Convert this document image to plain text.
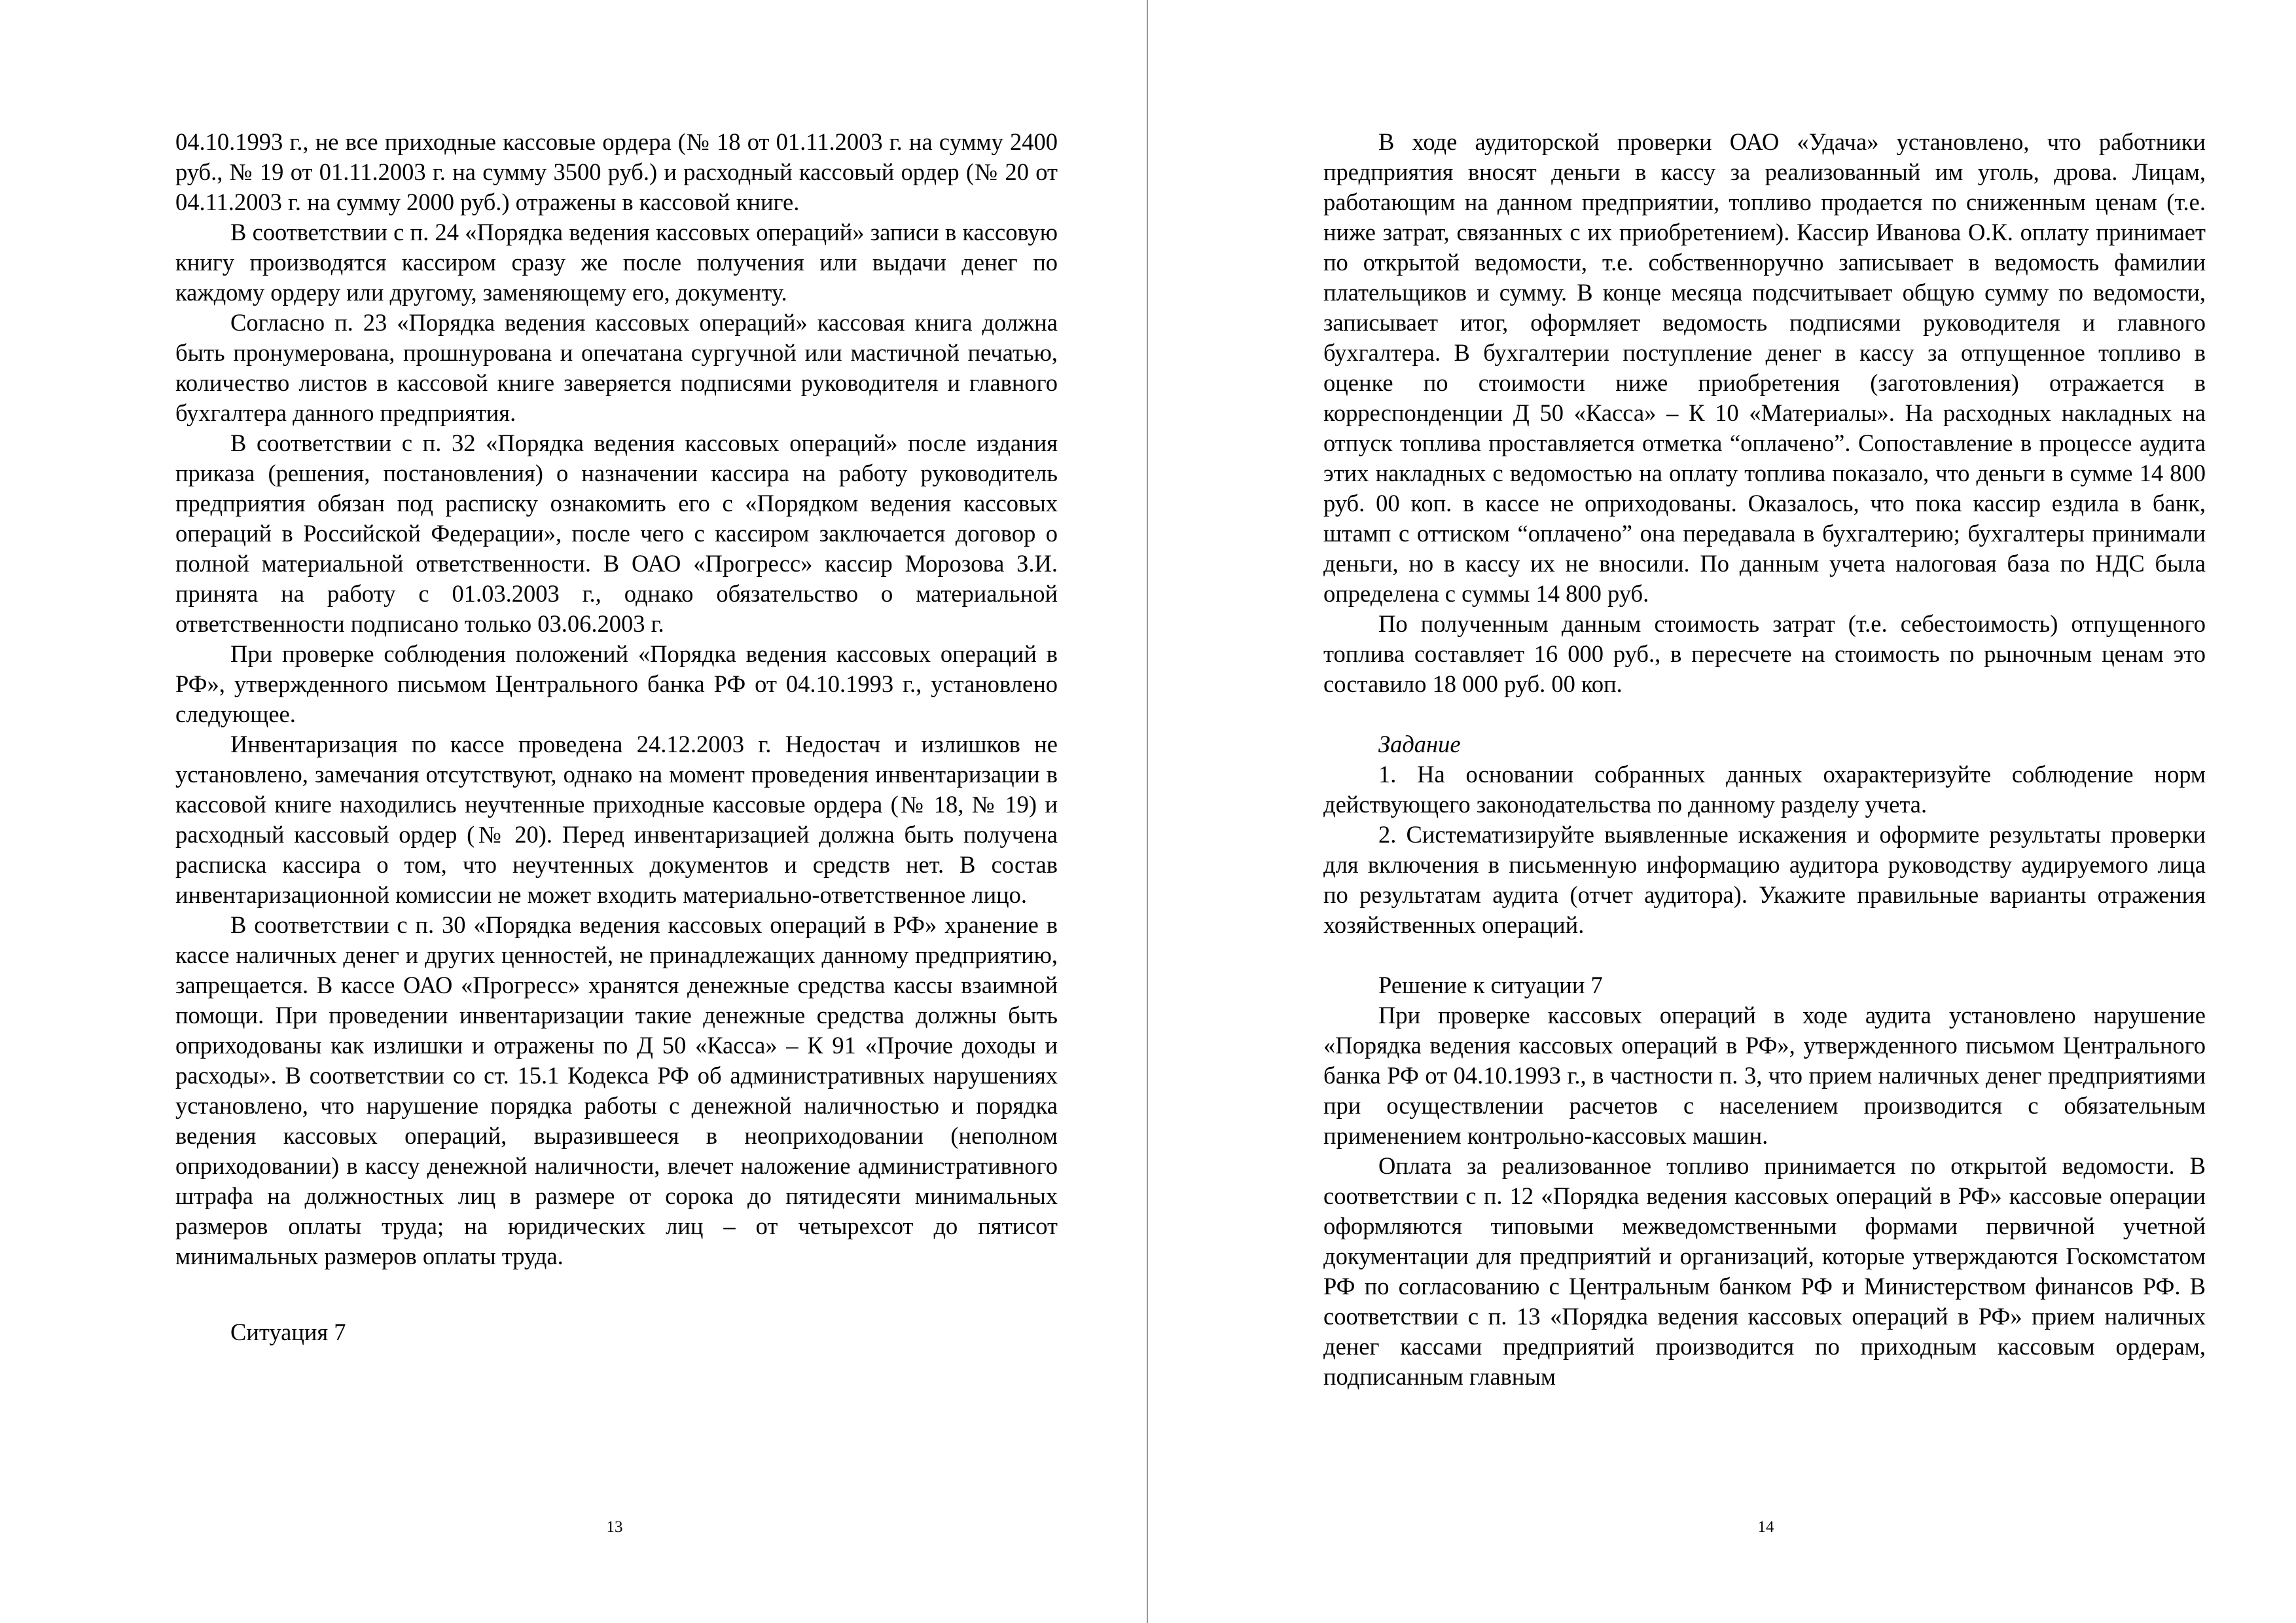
04.10.1993 г., не все приходные кассовые ордера (№ 18 от 01.11.2003 г. на сумму 2400 руб., № 19 от 01.11.2003 г. на сумму 3500 руб.) и расходный кассовый ордер (№ 20 от 04.11.2003 г. на сумму 2000 руб.) отражены в кассовой книге.

В соответствии с п. 24 «Порядка ведения кассовых операций» записи в кассовую книгу производятся кассиром сразу же после получения или выдачи денег по каждому ордеру или другому, заменяющему его, документу.

Согласно п. 23 «Порядка ведения кассовых операций» кассовая книга должна быть пронумерована, прошнурована и опечатана сургучной или мастичной печатью, количество листов в кассовой книге заверяется подписями руководителя и главного бухгалтера данного предприятия.

В соответствии с п. 32 «Порядка ведения кассовых операций» после издания приказа (решения, постановления) о назначении кассира на работу руководитель предприятия обязан под расписку ознакомить его с «Порядком ведения кассовых операций в Российской Федерации», после чего с кассиром заключается договор о полной материальной ответственности. В ОАО «Прогресс» кассир Морозова З.И. принята на работу с 01.03.2003 г., однако обязательство о материальной ответственности подписано только 03.06.2003 г.

При проверке соблюдения положений «Порядка ведения кассовых операций в РФ», утвержденного письмом Центрального банка РФ от 04.10.1993 г., установлено следующее.

Инвентаризация по кассе проведена 24.12.2003 г. Недостач и излишков не установлено, замечания отсутствуют, однако на момент проведения инвентаризации в кассовой книге находились неучтенные приходные кассовые ордера (№ 18, № 19) и расходный кассовый ордер (№ 20). Перед инвентаризацией должна быть получена расписка кассира о том, что неучтенных документов и средств нет. В состав инвентаризационной комиссии не может входить материально-ответственное лицо.

В соответствии с п. 30 «Порядка ведения кассовых операций в РФ» хранение в кассе наличных денег и других ценностей, не принадлежащих данному предприятию, запрещается. В кассе ОАО «Прогресс» хранятся денежные средства кассы взаимной помощи. При проведении инвентаризации такие денежные средства должны быть оприходованы как излишки и отражены по Д 50 «Касса» – К 91 «Прочие доходы и расходы». В соответствии со ст. 15.1 Кодекса РФ об административных нарушениях установлено, что нарушение порядка работы с денежной наличностью и порядка ведения кассовых операций, выразившееся в неоприходовании (неполном оприходовании) в кассу денежной наличности, влечет наложение административного штрафа на должностных лиц в размере от сорока до пятидесяти минимальных размеров оплаты труда; на юридических лиц – от четырехсот до пятисот минимальных размеров оплаты труда.

Ситуация 7

13

В ходе аудиторской проверки ОАО «Удача» установлено, что работники предприятия вносят деньги в кассу за реализованный им уголь, дрова. Лицам, работающим на данном предприятии, топливо продается по сниженным ценам (т.е. ниже затрат, связанных с их приобретением). Кассир Иванова О.К. оплату принимает по открытой ведомости, т.е. собственноручно записывает в ведомость фамилии плательщиков и сумму. В конце месяца подсчитывает общую сумму по ведомости, записывает итог, оформляет ведомость подписями руководителя и главного бухгалтера. В бухгалтерии поступление денег в кассу за отпущенное топливо в оценке по стоимости ниже приобретения (заготовления) отражается в корреспонденции Д 50 «Касса» – К 10 «Материалы». На расходных накладных на отпуск топлива проставляется отметка “оплачено”. Сопоставление в процессе аудита этих накладных с ведомостью на оплату топлива показало, что деньги в сумме 14 800 руб. 00 коп. в кассе не оприходованы. Оказалось, что пока кассир ездила в банк, штамп с оттиском “оплачено” она передавала в бухгалтерию; бухгалтеры принимали деньги, но в кассу их не вносили. По данным учета налоговая база по НДС была определена с суммы 14 800 руб.

По полученным данным стоимость затрат (т.е. себестоимость) отпущенного топлива составляет 16 000 руб., в пересчете на стоимость по рыночным ценам это составило 18 000 руб. 00 коп.

Задание

1. На основании собранных данных охарактеризуйте соблюдение норм действующего законодательства по данному разделу учета.

2. Систематизируйте выявленные искажения и оформите результаты проверки для включения в письменную информацию аудитора руководству аудируемого лица по результатам аудита (отчет аудитора). Укажите правильные варианты отражения хозяйственных операций.

Решение к ситуации 7

При проверке кассовых операций в ходе аудита установлено нарушение «Порядка ведения кассовых операций в РФ», утвержденного письмом Центрального банка РФ от 04.10.1993 г., в частности п. 3, что прием наличных денег предприятиями при осуществлении расчетов с населением производится с обязательным применением контрольно-кассовых машин.

Оплата за реализованное топливо принимается по открытой ведомости. В соответствии с п. 12 «Порядка ведения кассовых операций в РФ» кассовые операции оформляются типовыми межведомственными формами первичной учетной документации для предприятий и организаций, которые утверждаются Госкомстатом РФ по согласованию с Центральным банком РФ и Министерством финансов РФ. В соответствии с п. 13 «Порядка ведения кассовых операций в РФ» прием наличных денег кассами предприятий производится по приходным кассовым ордерам, подписанным главным

14
